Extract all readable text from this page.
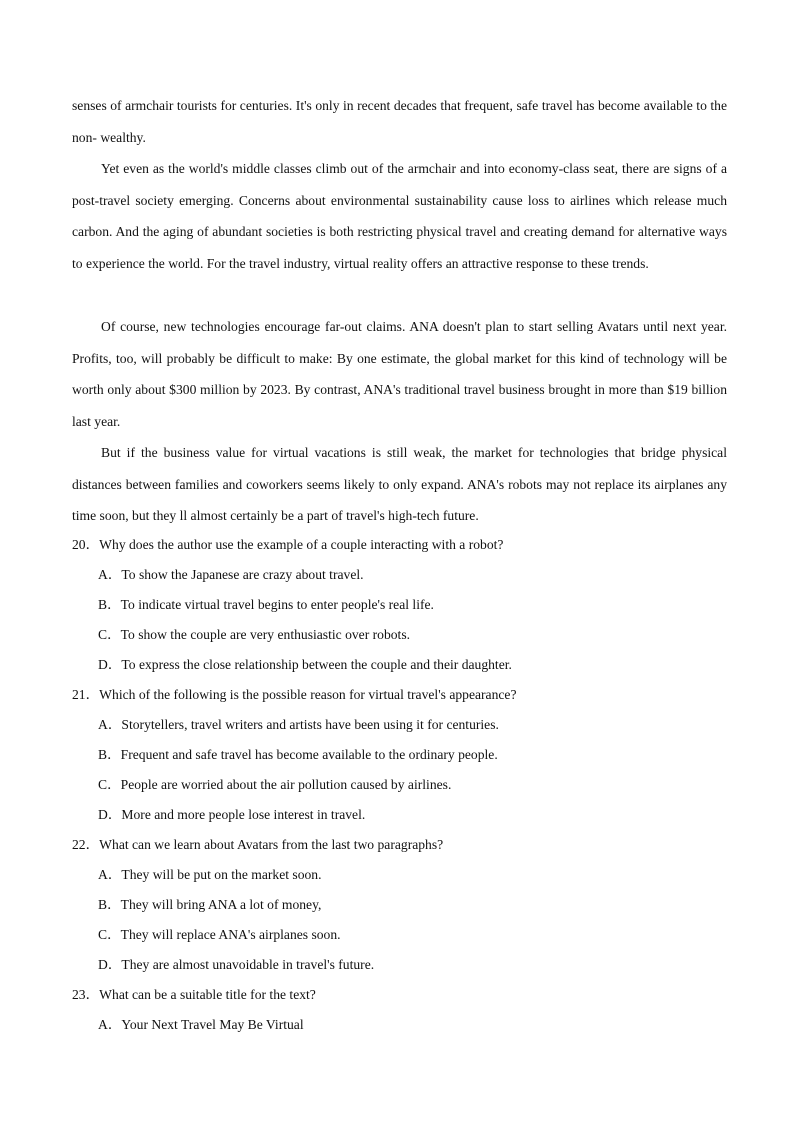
senses of armchair tourists for centuries. It's only in recent decades that frequent, safe travel has become available to the non- wealthy.

Yet even as the world's middle classes climb out of the armchair and into economy-class seat, there are signs of a post-travel society emerging. Concerns about environmental sustainability cause loss to airlines which release much carbon. And the aging of abundant societies is both restricting physical travel and creating demand for alternative ways to experience the world. For the travel industry, virtual reality offers an attractive response to these trends.

Of course, new technologies encourage far-out claims. ANA doesn't plan to start selling Avatars until next year. Profits, too, will probably be difficult to make: By one estimate, the global market for this kind of technology will be worth only about $300 million by 2023. By contrast, ANA's traditional travel business brought in more than $19 billion last year.

But if the business value for virtual vacations is still weak, the market for technologies that bridge physical distances between families and coworkers seems likely to only expand. ANA's robots may not replace its airplanes any time soon, but they ll almost certainly be a part of travel's high-tech future.

20．Why does the author use the example of a couple interacting with a robot?
A．To show the Japanese are crazy about travel.
B．To indicate virtual travel begins to enter people's real life.
C．To show the couple are very enthusiastic over robots.
D．To express the close relationship between the couple and their daughter.
21．Which of the following is the possible reason for virtual travel's appearance?
A．Storytellers, travel writers and artists have been using it for centuries.
B．Frequent and safe travel has become available to the ordinary people.
C．People are worried about the air pollution caused by airlines.
D．More and more people lose interest in travel.
22．What can we learn about Avatars from the last two paragraphs?
A．They will be put on the market soon.
B．They will bring ANA a lot of money,
C．They will replace ANA's airplanes soon.
D．They are almost unavoidable in travel's future.
23．What can be a suitable title for the text?
A．Your Next Travel May Be Virtual
